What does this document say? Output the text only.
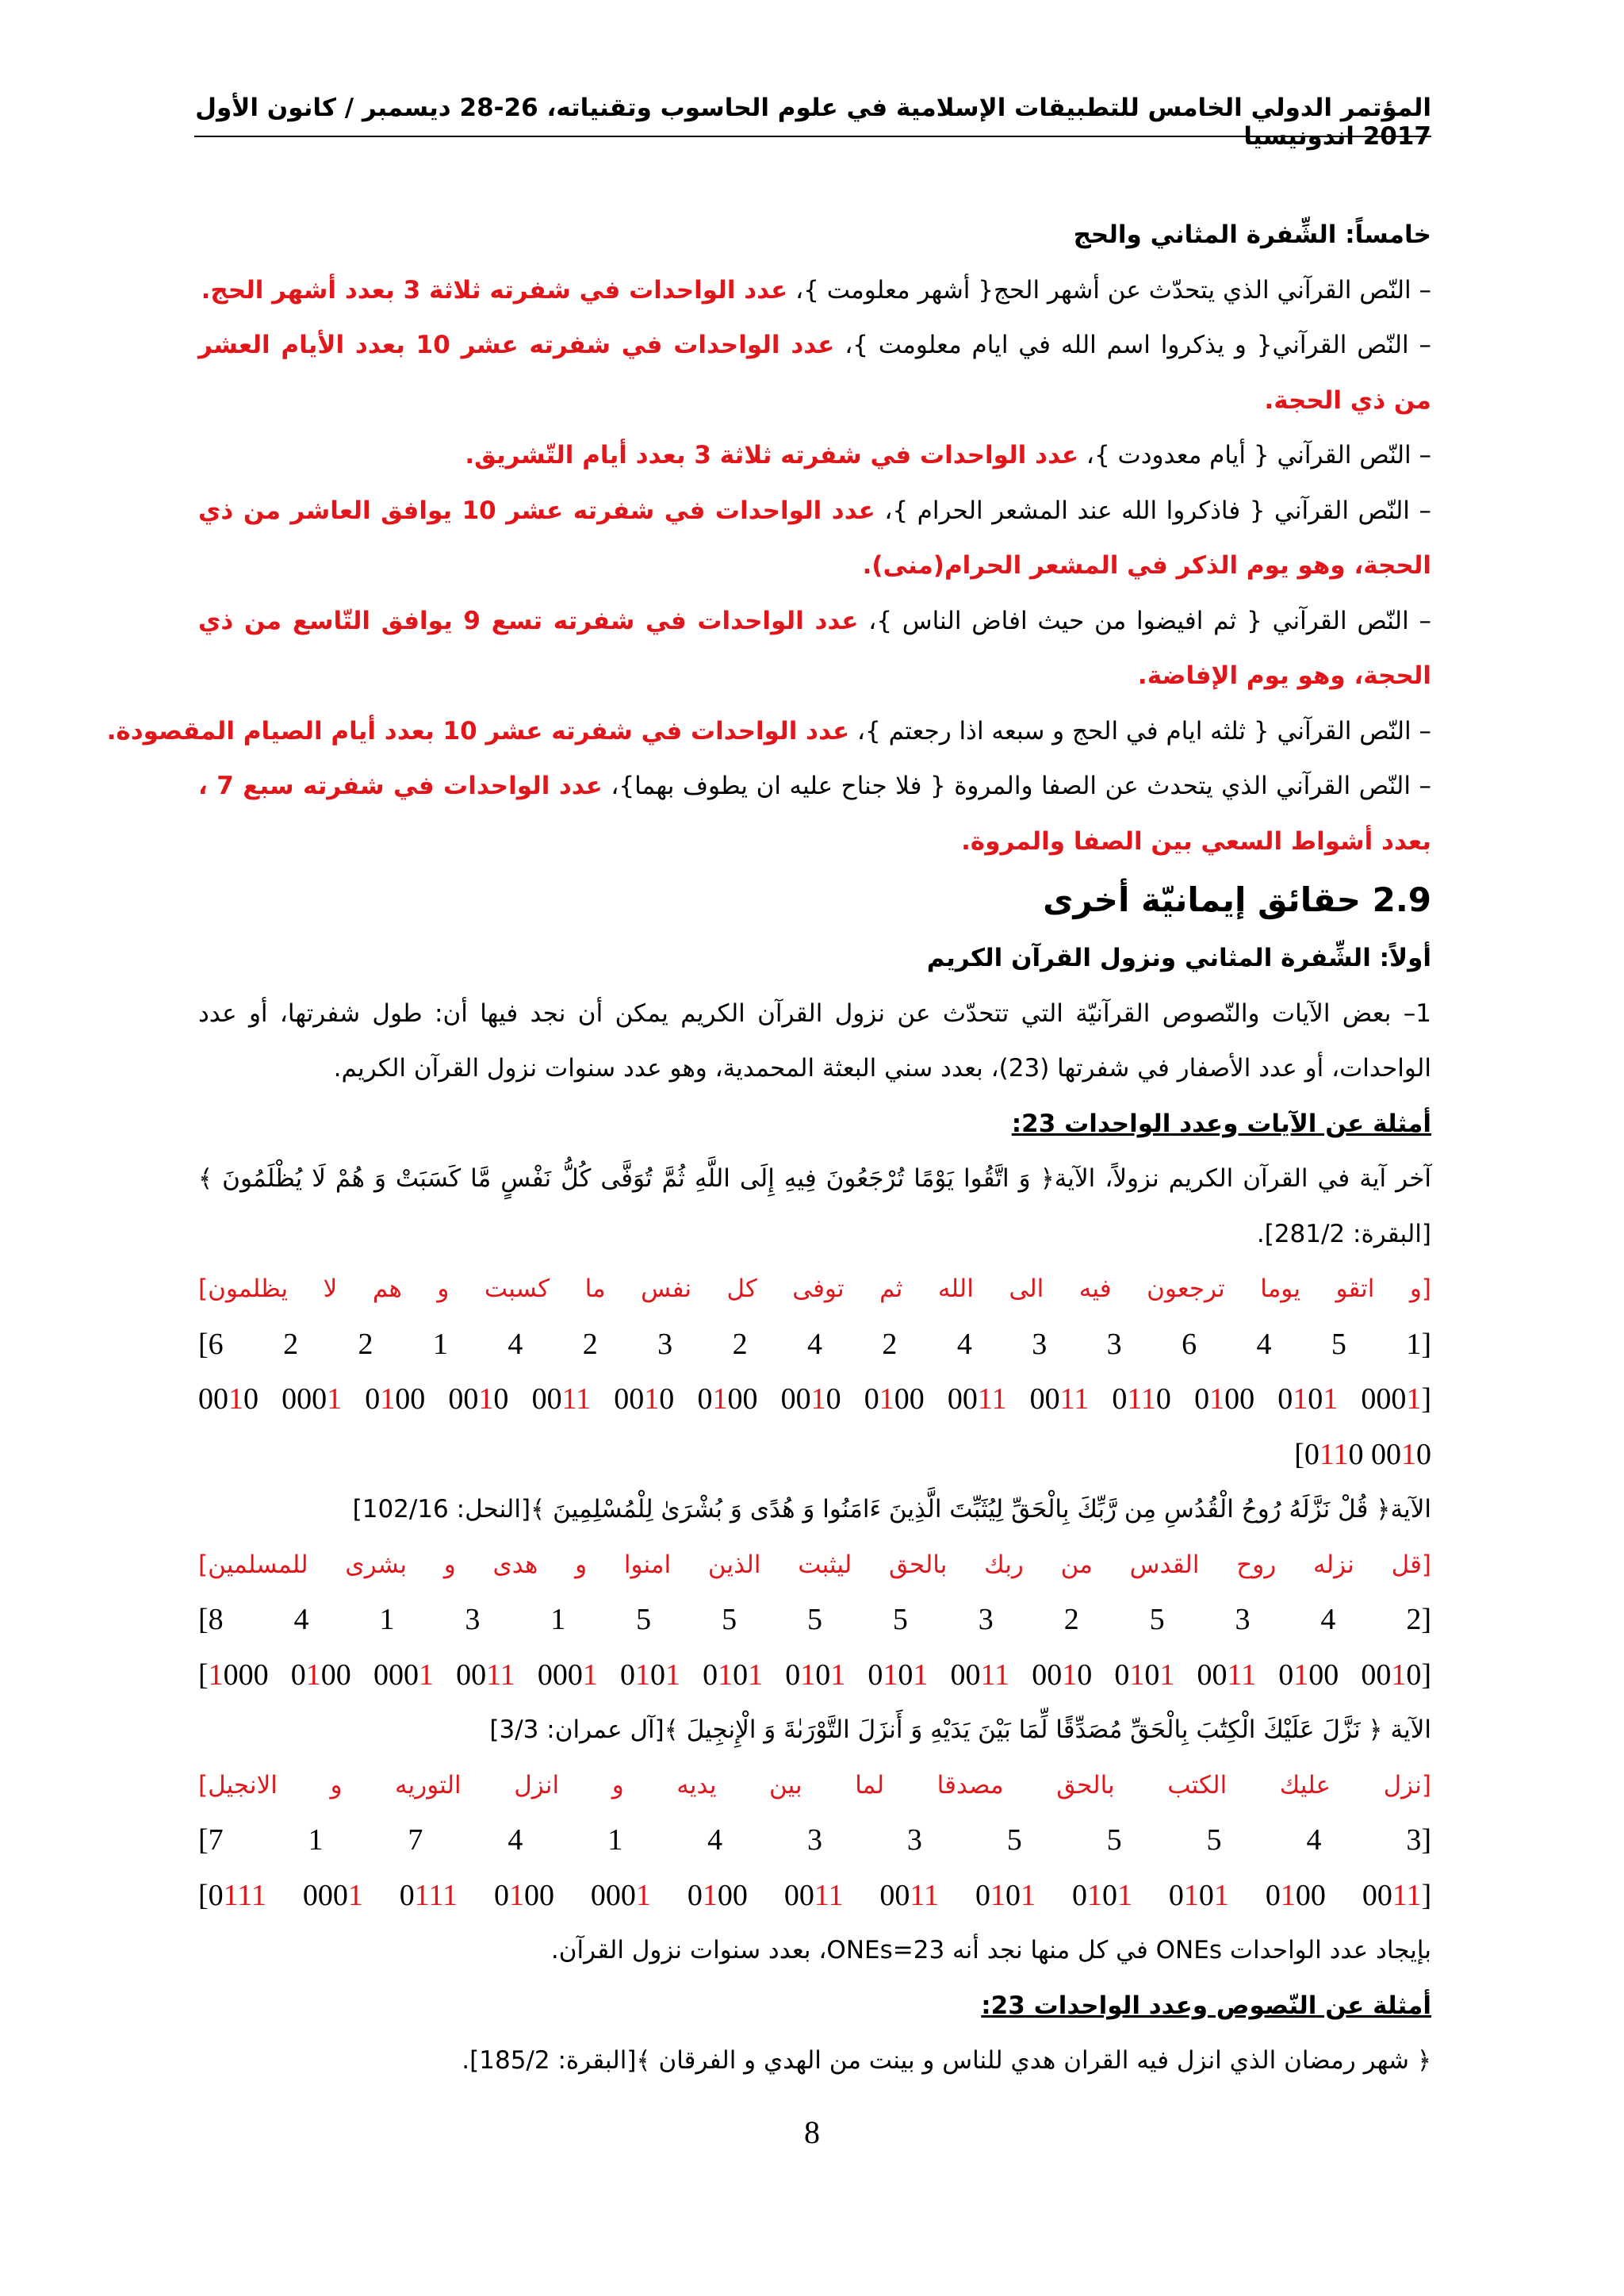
المؤتمر الدولي الخامس للتطبيقات الإسلامية في علوم الحاسوب وتقنياته، 26-28 ديسمبر / كانون الأول 2017 اندونيسيا

خامساً: الشِّفرة المثاني والحج

– النّص القرآني الذي يتحدّث عن أشهر الحج{ أشهر معلومت }، عدد الواحدات في شفرته ثلاثة 3 بعدد أشهر الحج.

– النّص القرآني{ و يذكروا اسم الله في ايام معلومت }، عدد الواحدات في شفرته عشر 10 بعدد الأيام العشر من ذي الحجة.

– النّص القرآني { أيام معدودت }، عدد الواحدات في شفرته ثلاثة 3 بعدد أيام التّشريق.

– النّص القرآني { فاذكروا الله عند المشعر الحرام }، عدد الواحدات في شفرته عشر 10 يوافق العاشر من ذي الحجة، وهو يوم الذكر في المشعر الحرام(منى).

– النّص القرآني { ثم افيضوا من حيث افاض الناس }، عدد الواحدات في شفرته تسع 9 يوافق التّاسع من ذي الحجة، وهو يوم الإفاضة.

– النّص القرآني { ثلثه ايام في الحج و سبعه اذا رجعتم }، عدد الواحدات في شفرته عشر 10 بعدد أيام الصيام المقصودة.

– النّص القرآني الذي يتحدث عن الصفا والمروة { فلا جناح عليه ان يطوف بهما}، عدد الواحدات في شفرته سبع 7 ، بعدد أشواط السعي بين الصفا والمروة.

2.9 حقائق إيمانيّة أخرى

أولاً: الشِّفرة المثاني ونزول القرآن الكريم

1– بعض الآيات والنّصوص القرآنيّة التي تتحدّث عن نزول القرآن الكريم يمكن أن نجد فيها أن: طول شفرتها، أو عدد الواحدات، أو عدد الأصفار في شفرتها (23)، بعدد سني البعثة المحمدية، وهو عدد سنوات نزول القرآن الكريم.

أمثلة عن الآيات وعدد الواحدات 23:

آخر آية في القرآن الكريم نزولاً، الآية﴿ وَ اتَّقُوا يَوْمًا تُرْجَعُونَ فِيهِ إِلَى اللَّهِ ثُمَّ تُوَفَّى كُلُّ نَفْسٍ مَّا كَسَبَتْ وَ هُمْ لَا يُظْلَمُونَ ﴾[البقرة: 281/2].

[و اتقو يوما ترجعون فيه الى الله ثم توفى كل نفس ما كسبت و هم لا يظلمون]

[6 2 2 1 4 2 3 2 4 2 4 3 3 6 4 5 1]

0010 0001 0100 0010 0011 0010 0100 0010 0100 0011 0011 0110 0100 0101 0001]

[0110 0010

الآية﴿ قُلْ نَزَّلَهُ رُوحُ الْقُدُسِ مِن رَّبِّكَ بِالْحَقِّ لِيُثَبِّتَ الَّذِينَ ءَامَنُوا وَ هُدًى وَ بُشْرَىٰ لِلْمُسْلِمِينَ ﴾[النحل: 102/16]

[قل نزله روح القدس من ربك بالحق ليثبت الذين امنوا و هدى و بشرى للمسلمين]

[8 4 1 3 1 5 5 5 5 3 2 5 3 4 2]

[1000 0100 0001 0011 0001 0101 0101 0101 0101 0011 0010 0101 0011 0100 0010]

الآية ﴿ نَزَّلَ عَلَيْكَ الْكِتَٰبَ بِالْحَقِّ مُصَدِّقًا لِّمَا بَيْنَ يَدَيْهِ وَ أَنزَلَ التَّوْرَىٰةَ وَ الْإِنجِيلَ ﴾[آل عمران: 3/3]

[نزل عليك الكتب بالحق مصدقا لما بين يديه و انزل التوريه و الانجيل]

[7 1 7 4 1 4 3 3 5 5 5 4 3]

[0111 0001 0111 0100 0001 0100 0011 0011 0101 0101 0101 0100 0011]

بإيجاد عدد الواحدات ONEs في كل منها نجد أنه ONEs=23، بعدد سنوات نزول القرآن.

أمثلة عن النّصوص وعدد الواحدات 23:

﴿ شهر رمضان الذي انزل فيه القران هدي للناس و بينت من الهدي و الفرقان ﴾[البقرة: 185/2].

8
